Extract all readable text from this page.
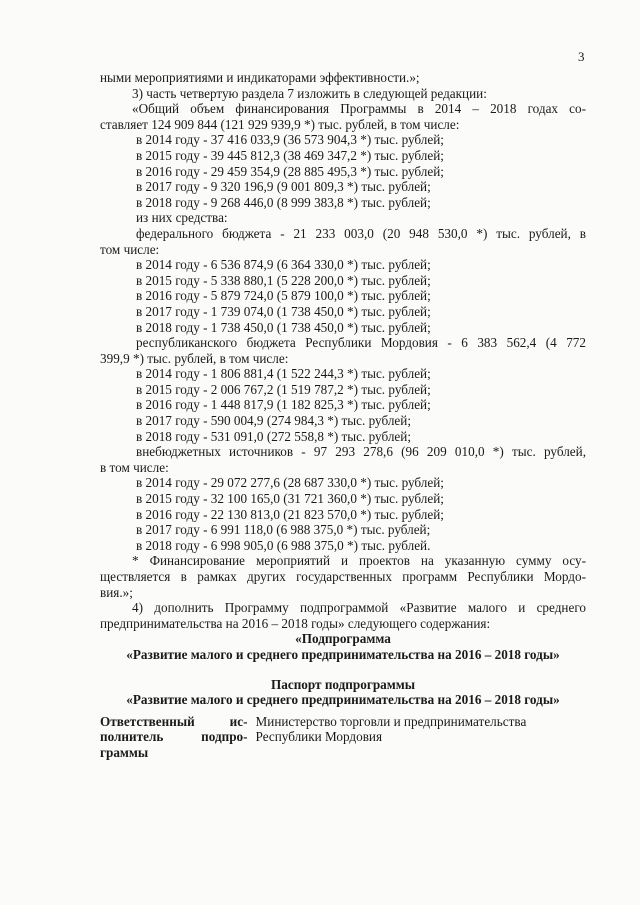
3
ными мероприятиями и индикаторами эффективности.»;
3) часть четвертую раздела 7 изложить в следующей редакции:
«Общий объем финансирования Программы в 2014 – 2018 годах со-
ставляет 124 909 844 (121 929 939,9 *) тыс. рублей, в том числе:
в 2014 году - 37 416 033,9 (36 573 904,3 *) тыс. рублей;
в 2015 году - 39 445 812,3 (38 469 347,2 *) тыс. рублей;
в 2016 году - 29 459 354,9 (28 885 495,3 *) тыс. рублей;
в 2017 году - 9 320 196,9 (9 001 809,3 *) тыс. рублей;
в 2018 году - 9 268 446,0 (8 999 383,8 *) тыс. рублей;
из них средства:
федерального бюджета - 21 233 003,0 (20 948 530,0 *) тыс. рублей, в
том числе:
в 2014 году - 6 536 874,9 (6 364 330,0 *) тыс. рублей;
в 2015 году - 5 338 880,1 (5 228 200,0 *) тыс. рублей;
в 2016 году - 5 879 724,0 (5 879 100,0 *) тыс. рублей;
в 2017 году - 1 739 074,0 (1 738 450,0 *) тыс. рублей;
в 2018 году - 1 738 450,0 (1 738 450,0 *) тыс. рублей;
республиканского бюджета Республики Мордовия - 6 383 562,4 (4 772
399,9 *) тыс. рублей, в том числе:
в 2014 году - 1 806 881,4 (1 522 244,3 *) тыс. рублей;
в 2015 году - 2 006 767,2 (1 519 787,2 *) тыс. рублей;
в 2016 году - 1 448 817,9 (1 182 825,3 *) тыс. рублей;
в 2017 году - 590 004,9 (274 984,3 *) тыс. рублей;
в 2018 году - 531 091,0 (272 558,8 *) тыс. рублей;
внебюджетных источников - 97 293 278,6 (96 209 010,0 *) тыс. рублей,
в том числе:
в 2014 году - 29 072 277,6 (28 687 330,0 *) тыс. рублей;
в 2015 году - 32 100 165,0 (31 721 360,0 *) тыс. рублей;
в 2016 году - 22 130 813,0 (21 823 570,0 *) тыс. рублей;
в 2017 году - 6 991 118,0 (6 988 375,0 *) тыс. рублей;
в 2018 году - 6 998 905,0 (6 988 375,0 *) тыс. рублей.
* Финансирование мероприятий и проектов на указанную сумму осу-
ществляется в рамках других государственных программ Республики Мордо-
вия.»;
4) дополнить Программу подпрограммой «Развитие малого и среднего
предпринимательства на 2016 – 2018 годы» следующего содержания:
«Подпрограмма
«Развитие малого и среднего предпринимательства на 2016 – 2018 годы»
Паспорт подпрограммы
«Развитие малого и среднего предпринимательства на 2016 – 2018 годы»
Ответственный ис-
полнитель подпро-
граммы
Министерство торговли и предпринимательства
Республики Мордовия
